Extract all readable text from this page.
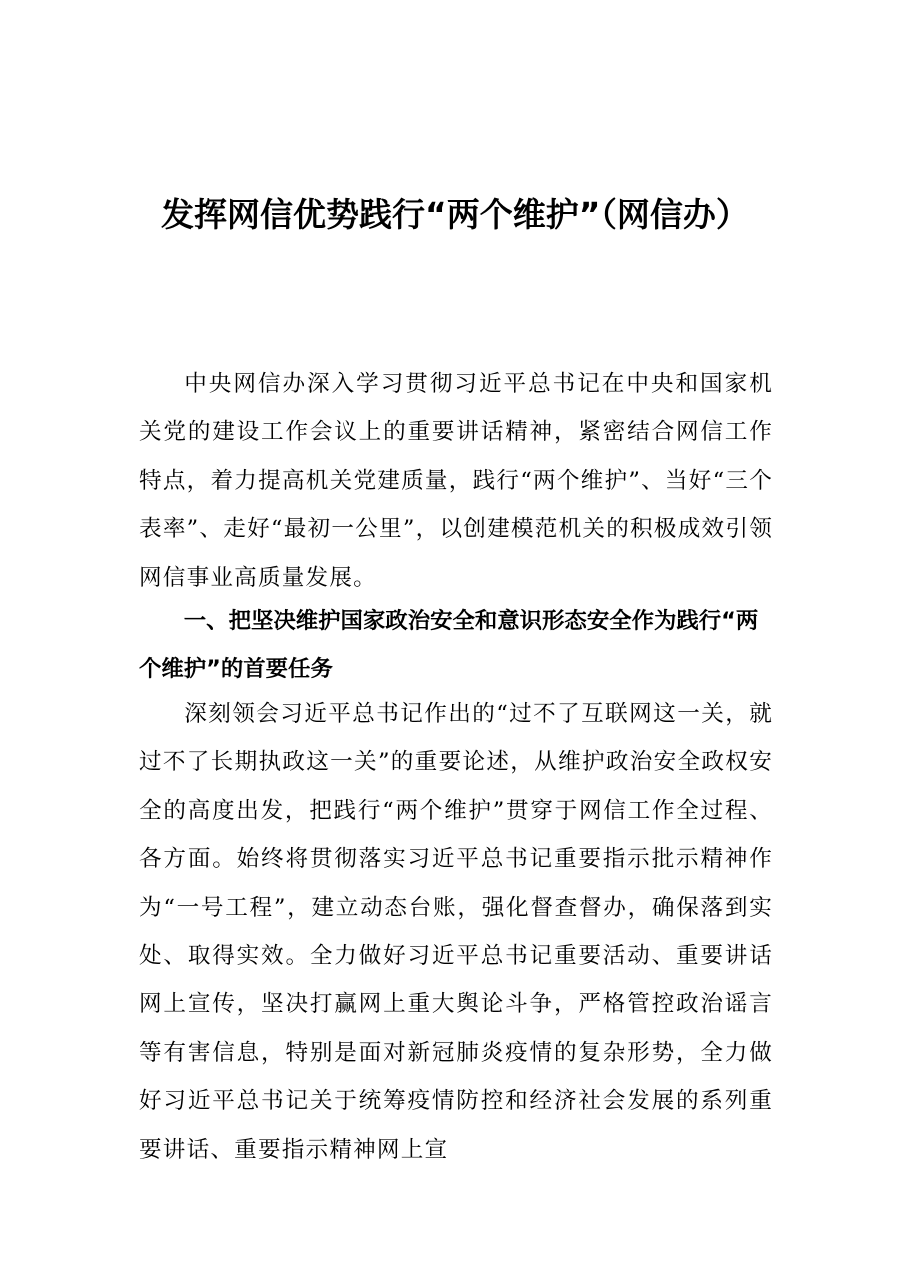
发挥网信优势践行“两个维护”（网信办）

中央网信办深入学习贯彻习近平总书记在中央和国家机关党的建设工作会议上的重要讲话精神，紧密结合网信工作特点，着力提高机关党建质量，践行“两个维护”、当好“三个表率”、走好“最初一公里”，以创建模范机关的积极成效引领网信事业高质量发展。

一、把坚决维护国家政治安全和意识形态安全作为践行“两个维护”的首要任务

深刻领会习近平总书记作出的“过不了互联网这一关，就过不了长期执政这一关”的重要论述，从维护政治安全政权安全的高度出发，把践行“两个维护”贯穿于网信工作全过程、各方面。始终将贯彻落实习近平总书记重要指示批示精神作为“一号工程”，建立动态台账，强化督查督办，确保落到实处、取得实效。全力做好习近平总书记重要活动、重要讲话网上宣传，坚决打赢网上重大舆论斗争，严格管控政治谣言等有害信息，特别是面对新冠肺炎疫情的复杂形势，全力做好习近平总书记关于统筹疫情防控和经济社会发展的系列重要讲话、重要指示精神网上宣
